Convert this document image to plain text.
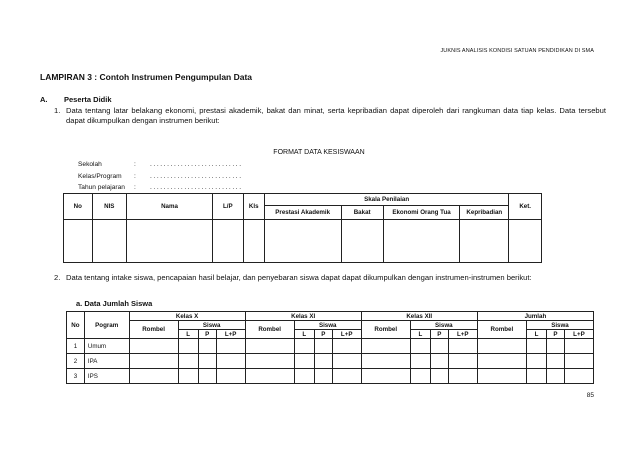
JUKNIS ANALISIS KONDISI SATUAN PENDIDIKAN DI SMA
LAMPIRAN 3 : Contoh Instrumen Pengumpulan Data
A. Peserta Didik
1. Data tentang latar belakang ekonomi, prestasi akademik, bakat dan minat, serta kepribadian dapat diperoleh dari rangkuman data tiap kelas. Data tersebut dapat dikumpulkan dengan instrumen berikut:
FORMAT DATA KESISWAAN
Sekolah	: ...........................
Kelas/Program : ...........................
Tahun pelajaran : ...........................
No	NIS	Nama	L/P	Kls	Skala Penilaian				Ket.
					Prestasi Akademik	Bakat	Ekonomi Orang Tua	Kepribadian	

2. Data tentang intake siswa, pencapaian hasil belajar, dan penyebaran siswa dapat dapat dikumpulkan dengan instrumen-instrumen berikut:
a. Data Jumlah Siswa
No	Pogram	Kelas X				Kelas XI				Kelas XII				Jumlah			
		Rombel	Siswa			Rombel	Siswa			Rombel	Siswa			Rombel	Siswa		
			L	P	L+P		L	P	L+P		L	P	L+P		L	P	L+P
1	Umum																
2	IPA																
3	IPS																
85
